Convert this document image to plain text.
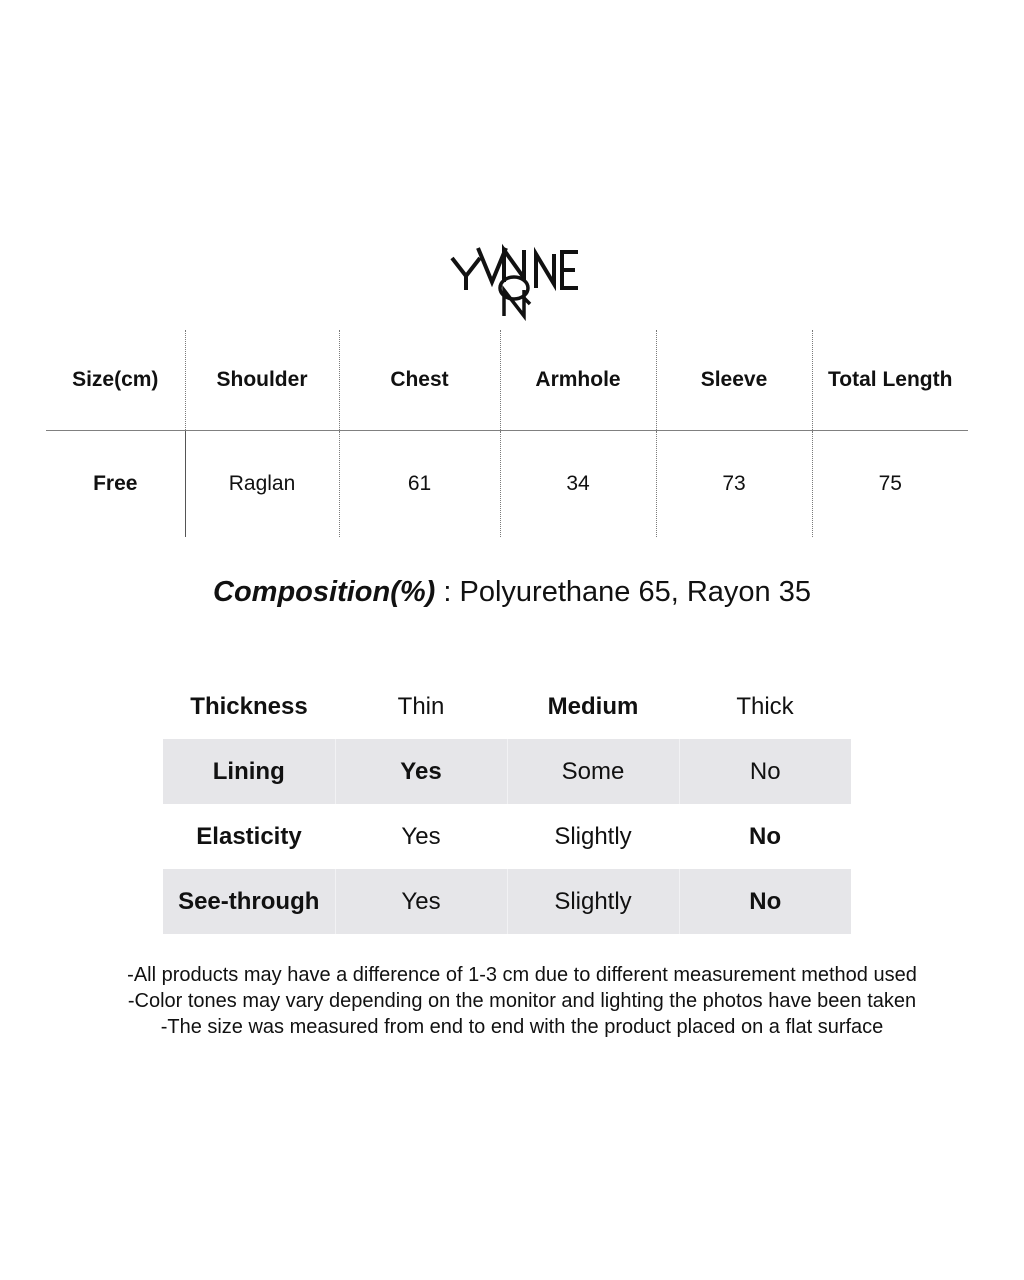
Size(cm)	Shoulder	Chest	Armhole	Sleeve	Total Length
Free	Raglan	61	34	73	75
Composition(%) : Polyurethane 65, Rayon 35
Thickness	Thin	Medium	Thick
Lining	Yes	Some	No
Elasticity	Yes	Slightly	No
See-through	Yes	Slightly	No
-All products may have a difference of 1-3 cm due to different measurement method used
-Color tones may vary depending on the monitor and lighting the photos have been taken
-The size was measured from end to end with the product placed on a flat surface
